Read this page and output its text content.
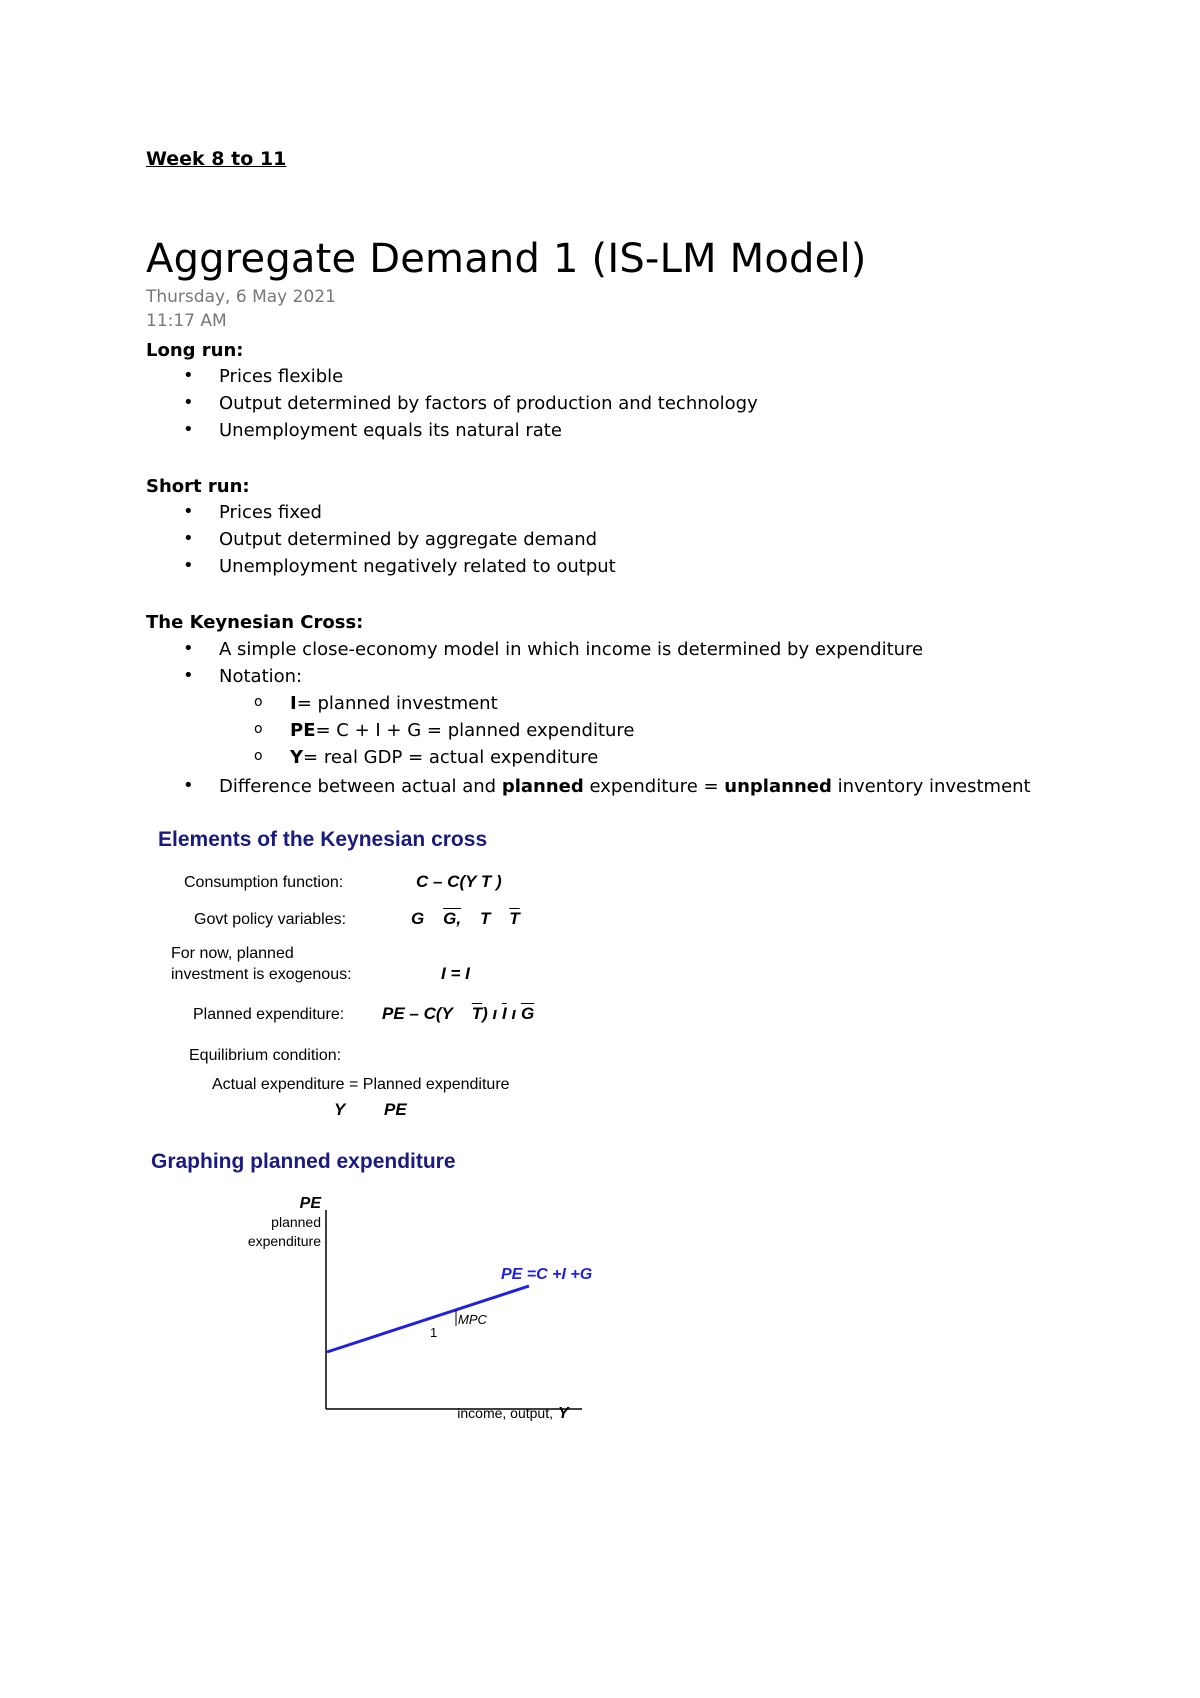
Week 8 to 11
Aggregate Demand 1 (IS-LM Model)
Thursday, 6 May 2021
11:17 AM
Long run:
• Prices flexible
• Output determined by factors of production and technology
• Unemployment equals its natural rate
Short run:
• Prices fixed
• Output determined by aggregate demand
• Unemployment negatively related to output
The Keynesian Cross:
• A simple close-economy model in which income is determined by expenditure
• Notation:
o I= planned investment
o PE= C + I + G = planned expenditure
o Y= real GDP = actual expenditure
• Difference between actual and planned expenditure = unplanned inventory investment
Elements of the Keynesian cross
Consumption function:	C – C(Y T )
Govt policy variables:	G G, T $\overline{T}$
For now, planned
investment is exogenous:	I = I
Planned expenditure: PE – C(Y $\overline{T}$) ı $\overline{I}$ ı $\overline{G}$
Equilibrium condition:
Actual expenditure = Planned expenditure
Y PE
Graphing planned expenditure
PE
planned
expenditure
PE =C +I +G
MPC
1
income, output, Y
